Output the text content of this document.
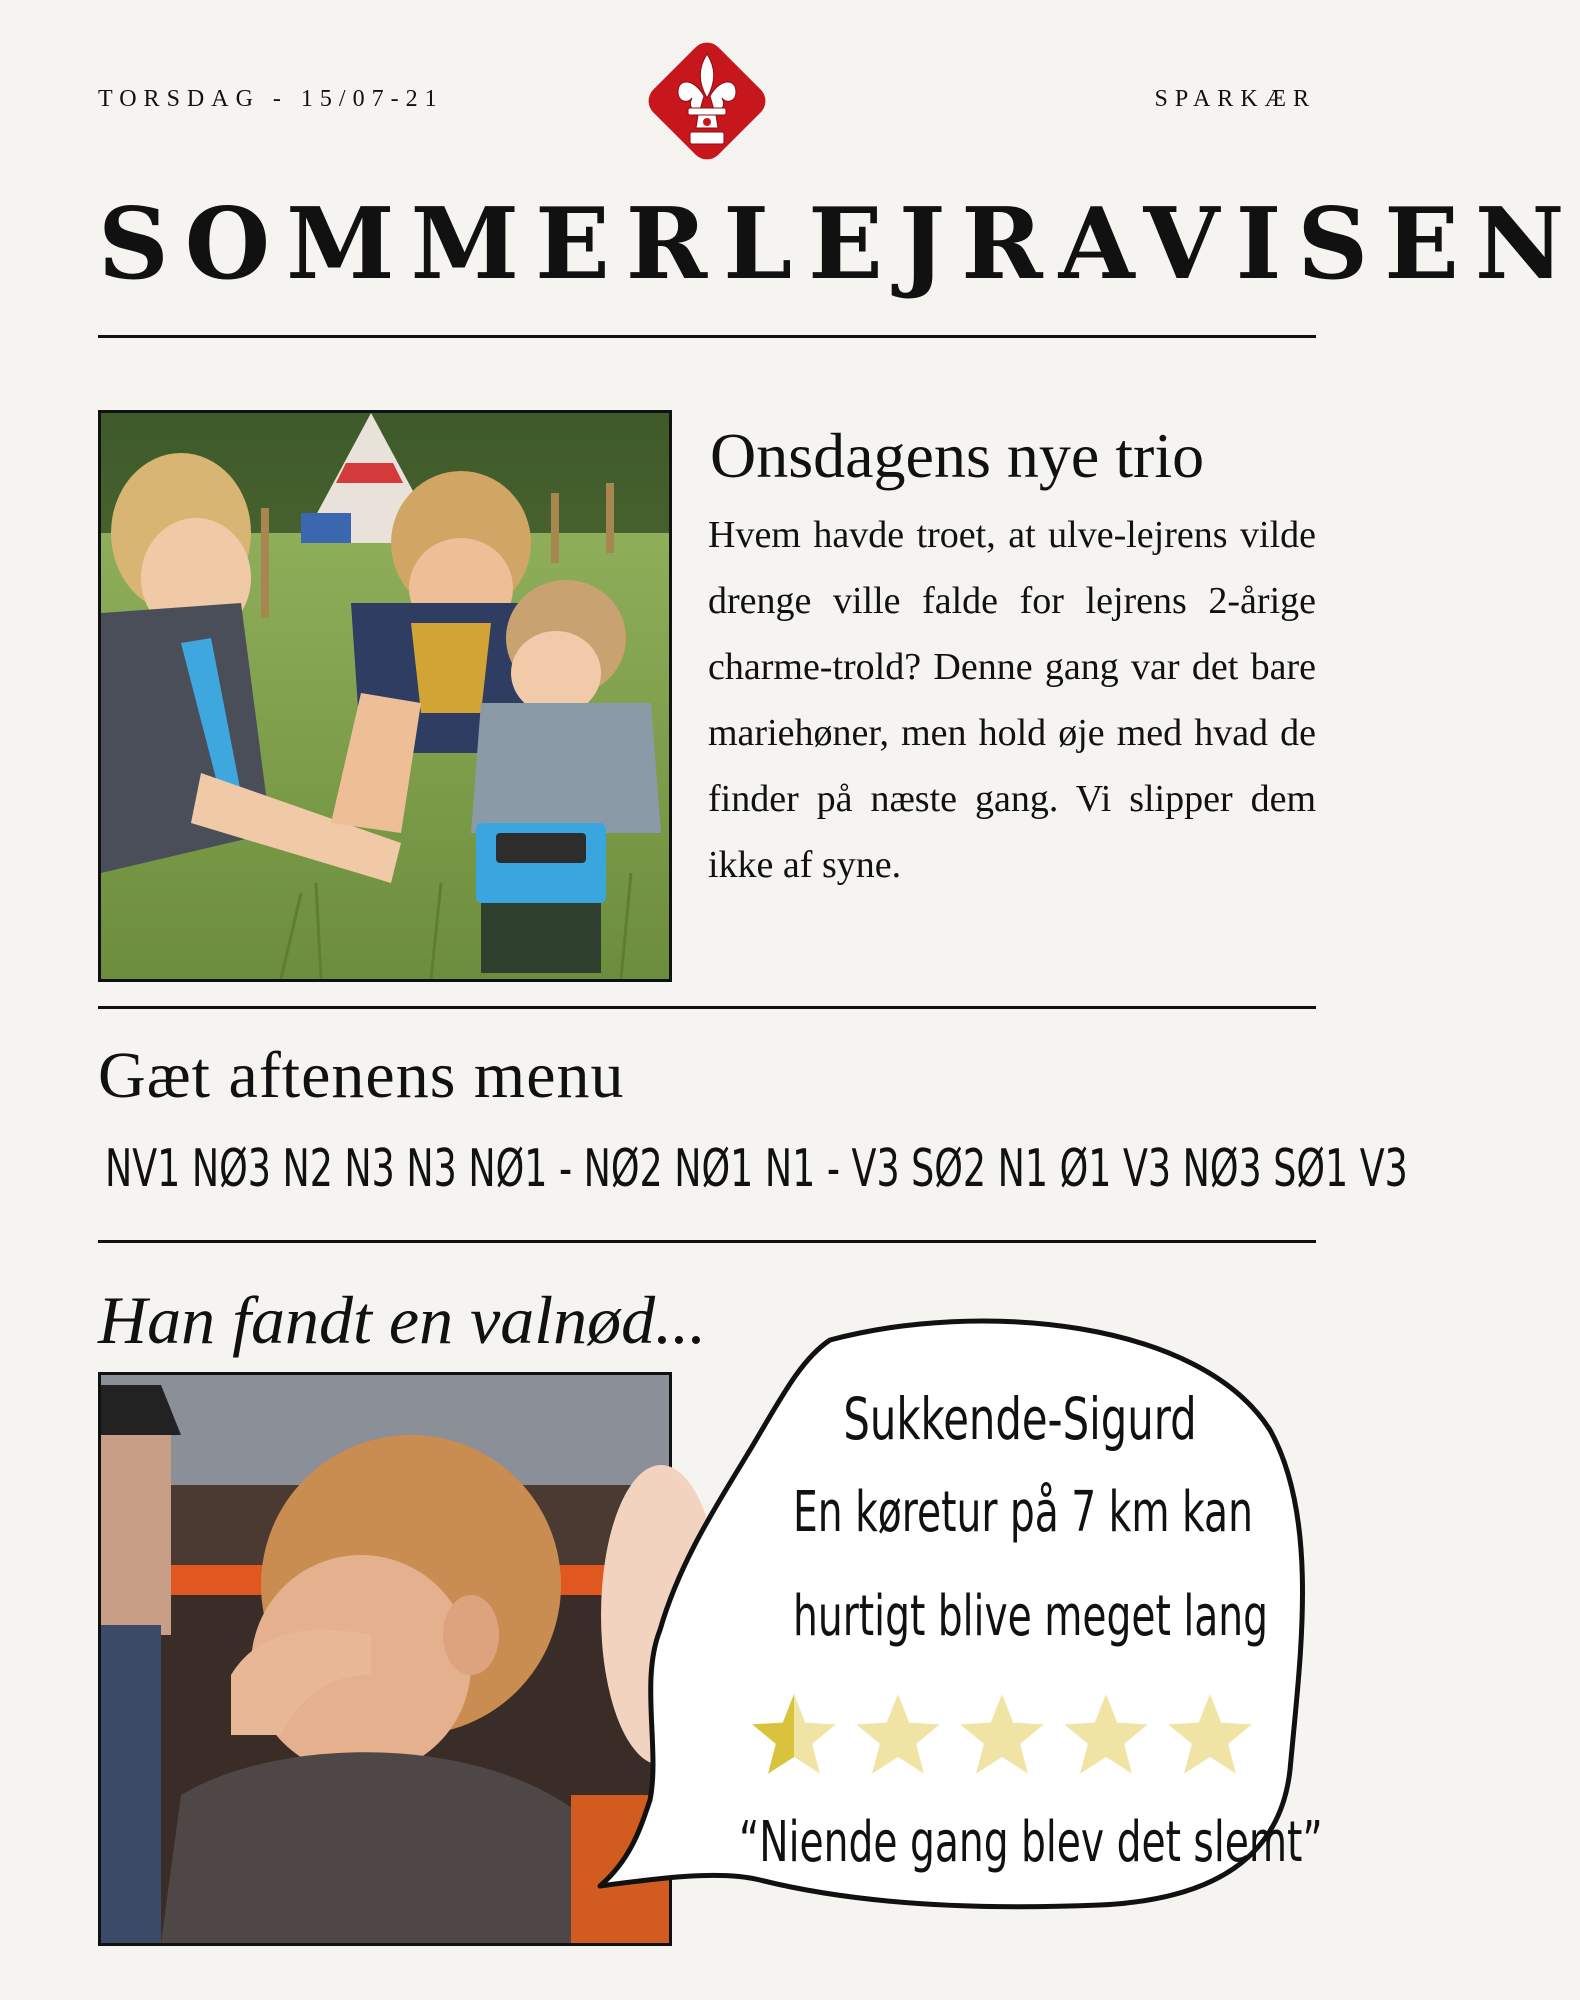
TORSDAG - 15/07-21	SPARKÆR
SOMMERLEJRAVISEN
Onsdagens nye trio
Hvem havde troet, at ulve-lejrens vilde drenge ville falde for lejrens 2-årige charme-trold? Denne gang var det bare mariehøner, men hold øje med hvad de finder på næste gang. Vi slipper dem ikke af syne.
Gæt aftenens menu
NV1 NØ3 N2 N3 N3 NØ1 - NØ2 NØ1 N1 - V3 SØ2 N1 Ø1 V3 NØ3 SØ1 V3
Han fandt en valnød...
Sukkende-Sigurd
En køretur på 7 km kan
hurtigt blive meget lang
“Niende gang blev det slemt”
